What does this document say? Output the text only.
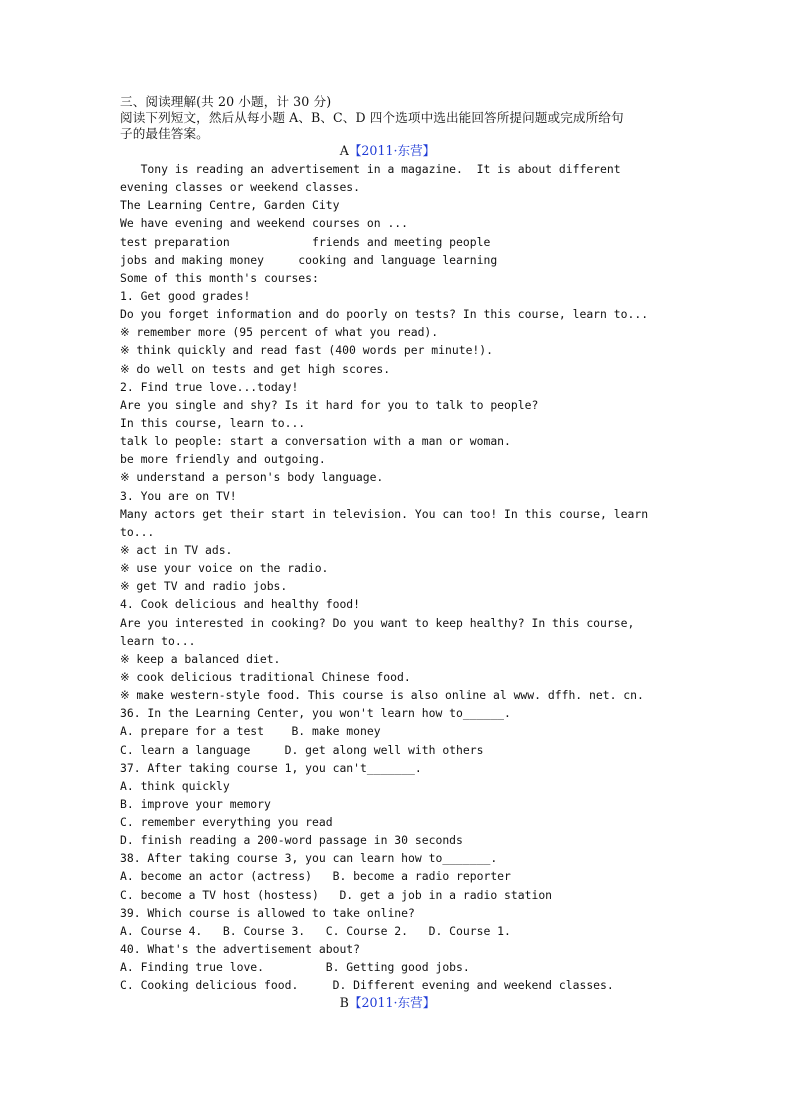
三、阅读理解(共 20 小题，计 30 分)
阅读下列短文，然后从每小题 A、B、C、D 四个选项中选出能回答所提问题或完成所给句
子的最佳答案。
A【2011·东营】
Tony is reading an advertisement in a magazine.  It is about different
evening classes or weekend classes.
The Learning Centre, Garden City
We have evening and weekend courses on ...
test preparation            friends and meeting people
jobs and making money     cooking and language learning
Some of this month's courses:
1. Get good grades!
Do you forget information and do poorly on tests? In this course, learn to...
※ remember more (95 percent of what you read).
※ think quickly and read fast (400 words per minute!).
※ do well on tests and get high scores.
2. Find true love...today!
Are you single and shy? Is it hard for you to talk to people?
In this course, learn to...
talk lo people: start a conversation with a man or woman.
be more friendly and outgoing.
※ understand a person's body language.
3. You are on TV!
Many actors get their start in television. You can too! In this course, learn
to...
※ act in TV ads.
※ use your voice on the radio.
※ get TV and radio jobs.
4. Cook delicious and healthy food!
Are you interested in cooking? Do you want to keep healthy? In this course,
learn to...
※ keep a balanced diet.
※ cook delicious traditional Chinese food.
※ make western-style food. This course is also online al www. dffh. net. cn.
36. In the Learning Center, you won't learn how to______.
A. prepare for a test    B. make money
C. learn a language     D. get along well with others
37. After taking course 1, you can't_______.
A. think quickly
B. improve your memory
C. remember everything you read
D. finish reading a 200-word passage in 30 seconds
38. After taking course 3, you can learn how to_______.
A. become an actor (actress)   B. become a radio reporter
C. become a TV host (hostess)   D. get a job in a radio station
39. Which course is allowed to take online?
A. Course 4.   B. Course 3.   C. Course 2.   D. Course 1.
40. What's the advertisement about?
A. Finding true love.         B. Getting good jobs.
C. Cooking delicious food.     D. Different evening and weekend classes.
B【2011·东营】
